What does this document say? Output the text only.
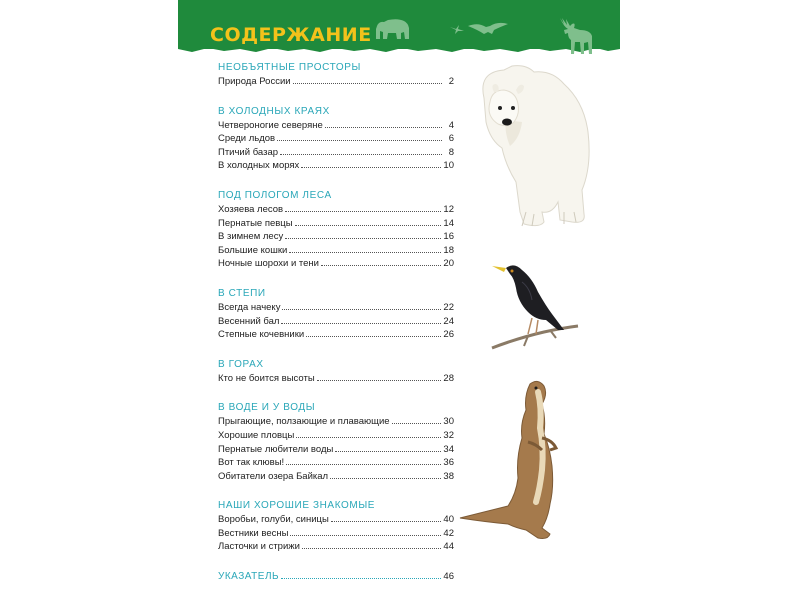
СОДЕРЖАНИЕ
НЕОБЪЯТНЫЕ ПРОСТОРЫ
Природа России	2
В ХОЛОДНЫХ КРАЯХ
Четвероногие северяне	4
Среди льдов	6
Птичий базар	8
В холодных морях	10
ПОД ПОЛОГОМ ЛЕСА
Хозяева лесов	12
Пернатые певцы	14
В зимнем лесу	16
Большие кошки	18
Ночные шорохи и тени	20
В СТЕПИ
Всегда начеку	22
Весенний бал	24
Степные кочевники	26
В ГОРАХ
Кто не боится высоты	28
В ВОДЕ И У ВОДЫ
Прыгающие, ползающие и плавающие	30
Хорошие пловцы	32
Пернатые любители воды	34
Вот так клювы!	36
Обитатели озера Байкал	38
НАШИ ХОРОШИЕ ЗНАКОМЫЕ
Воробьи, голуби, синицы	40
Вестники весны	42
Ласточки и стрижи	44
УКАЗАТЕЛЬ	46
